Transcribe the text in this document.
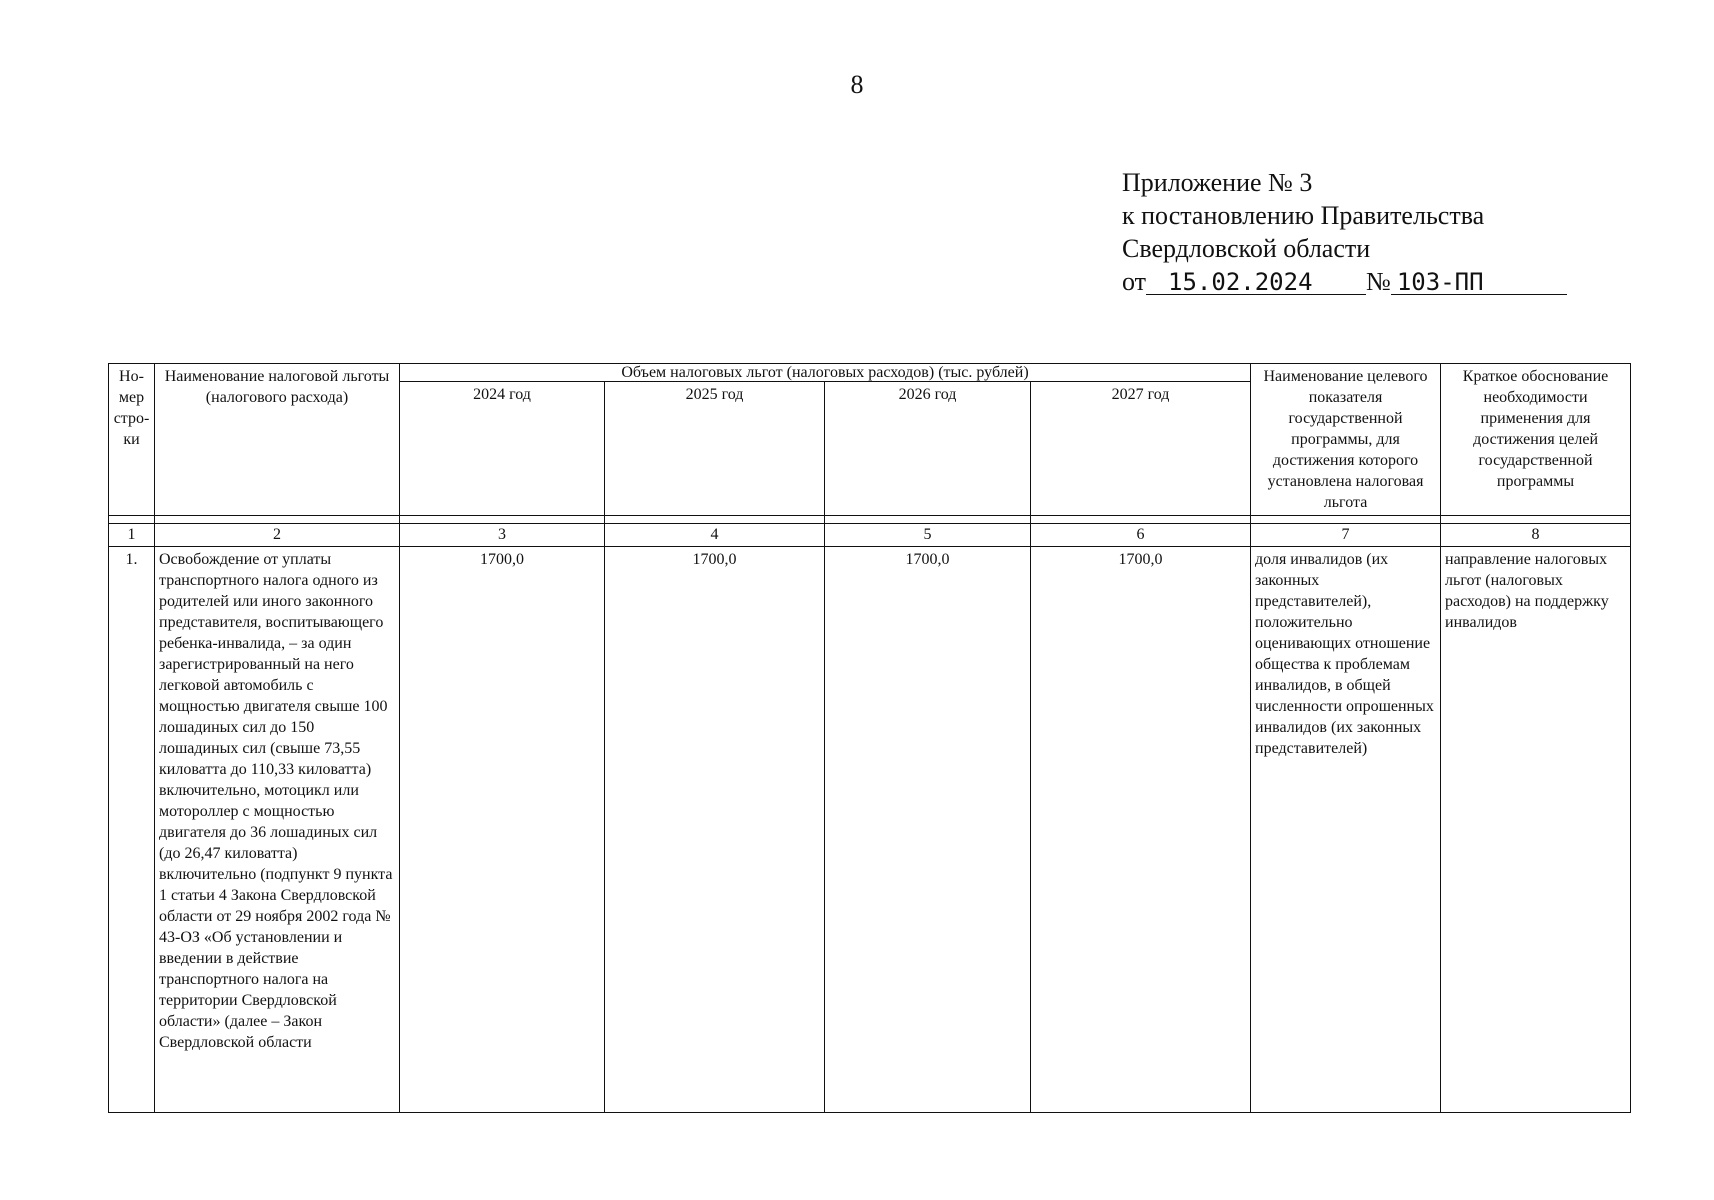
8
Приложение № 3
к постановлению Правительства
Свердловской области
от 15.02.2024 № 103-ПП
Но- мер стро- ки	Наименование налоговой льготы (налогового расхода)	Объем налоговых льгот (налоговых расходов) (тыс. рублей)				Наименование целевого показателя государственной программы, для достижения которого установлена налоговая льгота	Краткое обоснование необходимости применения для достижения целей государственной программы
		2024 год	2025 год	2026 год	2027 год		

1	2	3	4	5	6	7	8
1.	Освобождение от уплаты транспортного налога одного из родителей или иного законного представителя, воспитывающего ребенка-инвалида, – за один зарегистрированный на него легковой автомобиль с мощностью двигателя свыше 100 лошадиных сил до 150 лошадиных сил (свыше 73,55 киловатта до 110,33 киловатта) включительно, мотоцикл или мотороллер с мощностью двигателя до 36 лошадиных сил (до 26,47 киловатта) включительно (подпункт 9 пункта 1 статьи 4 Закона Свердловской области от 29 ноября 2002 года № 43-ОЗ «Об установлении и введении в действие транспортного налога на территории Свердловской области» (далее – Закон Свердловской области	1700,0	1700,0	1700,0	1700,0	доля инвалидов (их законных представителей), положительно оценивающих отношение общества к проблемам инвалидов, в общей численности опрошенных инвалидов (их законных представителей)	направление налоговых льгот (налоговых расходов) на поддержку инвалидов
